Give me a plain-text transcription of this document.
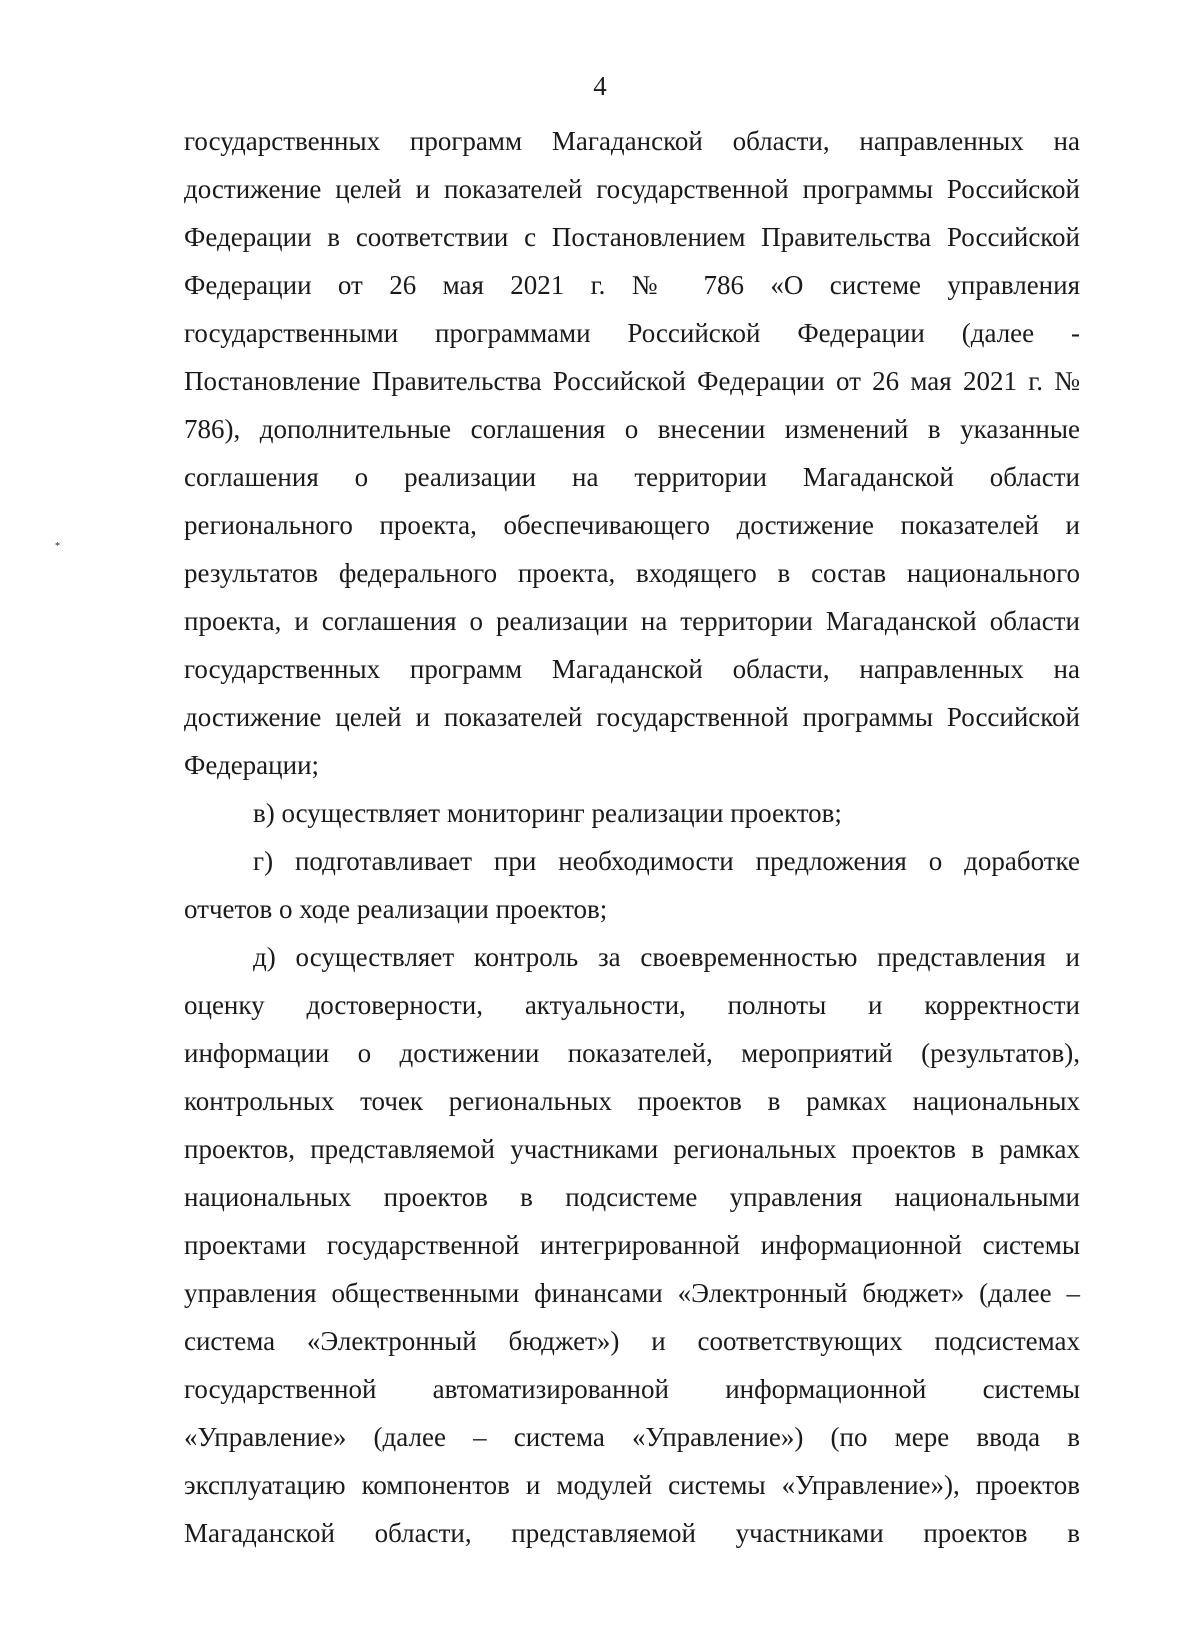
4
*
государственных программ Магаданской области, направленных на
достижение целей и показателей государственной программы Российской
Федерации в соответствии с Постановлением Правительства Российской
Федерации от 26 мая 2021 г. № 786 «О системе управления
государственными программами Российской Федерации (далее -
Постановление Правительства Российской Федерации от 26 мая 2021 г. №
786), дополнительные соглашения о внесении изменений в указанные
соглашения о реализации на территории Магаданской области
регионального проекта, обеспечивающего достижение показателей и
результатов федерального проекта, входящего в состав национального
проекта, и соглашения о реализации на территории Магаданской области
государственных программ Магаданской области, направленных на
достижение целей и показателей государственной программы Российской
Федерации;
в) осуществляет мониторинг реализации проектов;
г) подготавливает при необходимости предложения о доработке
отчетов о ходе реализации проектов;
д) осуществляет контроль за своевременностью представления и
оценку достоверности, актуальности, полноты и корректности
информации о достижении показателей, мероприятий (результатов),
контрольных точек региональных проектов в рамках национальных
проектов, представляемой участниками региональных проектов в рамках
национальных проектов в подсистеме управления национальными
проектами государственной интегрированной информационной системы
управления общественными финансами «Электронный бюджет» (далее –
система «Электронный бюджет») и соответствующих подсистемах
государственной автоматизированной информационной системы
«Управление» (далее – система «Управление») (по мере ввода в
эксплуатацию компонентов и модулей системы «Управление»), проектов
Магаданской области, представляемой участниками проектов в
